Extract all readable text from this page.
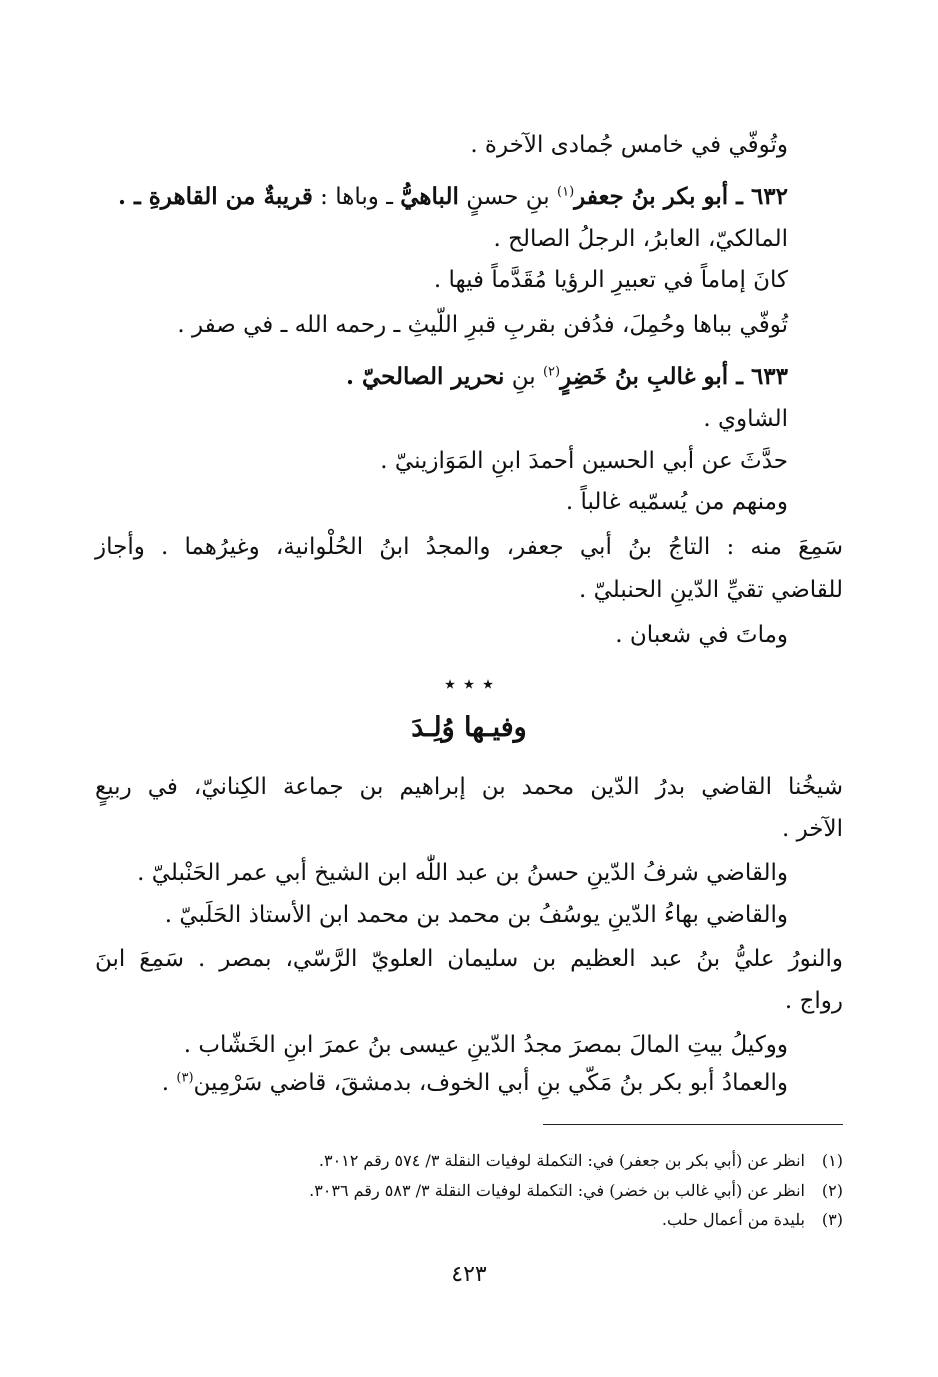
وتُوفّي في خامس جُمادى الآخرة .
٦٣٢ ـ أبو بكر بنُ جعفر$^{(١)}$ بنِ حسنٍ الباهيُّ ـ وباها : قريبةٌ من القاهرةِ ـ .
المالكيّ، العابرُ، الرجلُ الصالح .
كانَ إماماً في تعبيرِ الرؤيا مُقَدَّماً فيها .
تُوفّي بباها وحُمِلَ، فدُفن بقربِ قبرِ اللّيثِ ـ رحمه الله ـ في صفر .
٦٣٣ ـ أبو غالبِ بنُ خَضِرٍ$^{(٢)}$ بنِ نحرير الصالحيّ .
الشاوي .
حدَّثَ عن أبي الحسين أحمدَ ابنِ المَوَازينيّ .
ومنهم من يُسمّيه غالباً .
سَمِعَ منه : التاجُ بنُ أبي جعفر، والمجدُ ابنُ الحُلْوانية، وغيرُهما . وأجاز
للقاضي تقيِّ الدّينِ الحنبليّ .
وماتَ في شعبان .
٭ ٭ ٭
وفيـها وُلِـدَ
شيخُنا القاضي بدرُ الدّين محمد بن إبراهيم بن جماعة الكِنانيّ، في ربيعٍ
الآخر .
والقاضي شرفُ الدّينِ حسنُ بن عبد اللّٰه ابن الشيخ أبي عمر الحَنْبليّ .
والقاضي بهاءُ الدّينِ يوسُفُ بن محمد بن محمد ابن الأستاذ الحَلَبيّ .
والنورُ عليُّ بنُ عبد العظيم بن سليمان العلويّ الرَّسّي، بمصر . سَمِعَ ابنَ
رواج .
ووكيلُ بيتِ المالَ بمصرَ مجدُ الدّينِ عيسى بنُ عمرَ ابنِ الخَشّاب .
والعمادُ أبو بكر بنُ مَكّي بنِ أبي الخوف، بدمشقَ، قاضي سَرْمِين$^{(٣)}$ .
(١)انظر عن (أبي بكر بن جعفر) في: التكملة لوفيات النقلة ٣/ ٥٧٤ رقم ٣٠١٢.
(٢)انظر عن (أبي غالب بن خضر) في: التكملة لوفيات النقلة ٣/ ٥٨٣ رقم ٣٠٣٦.
(٣)بليدة من أعمال حلب.
٤٢٣
